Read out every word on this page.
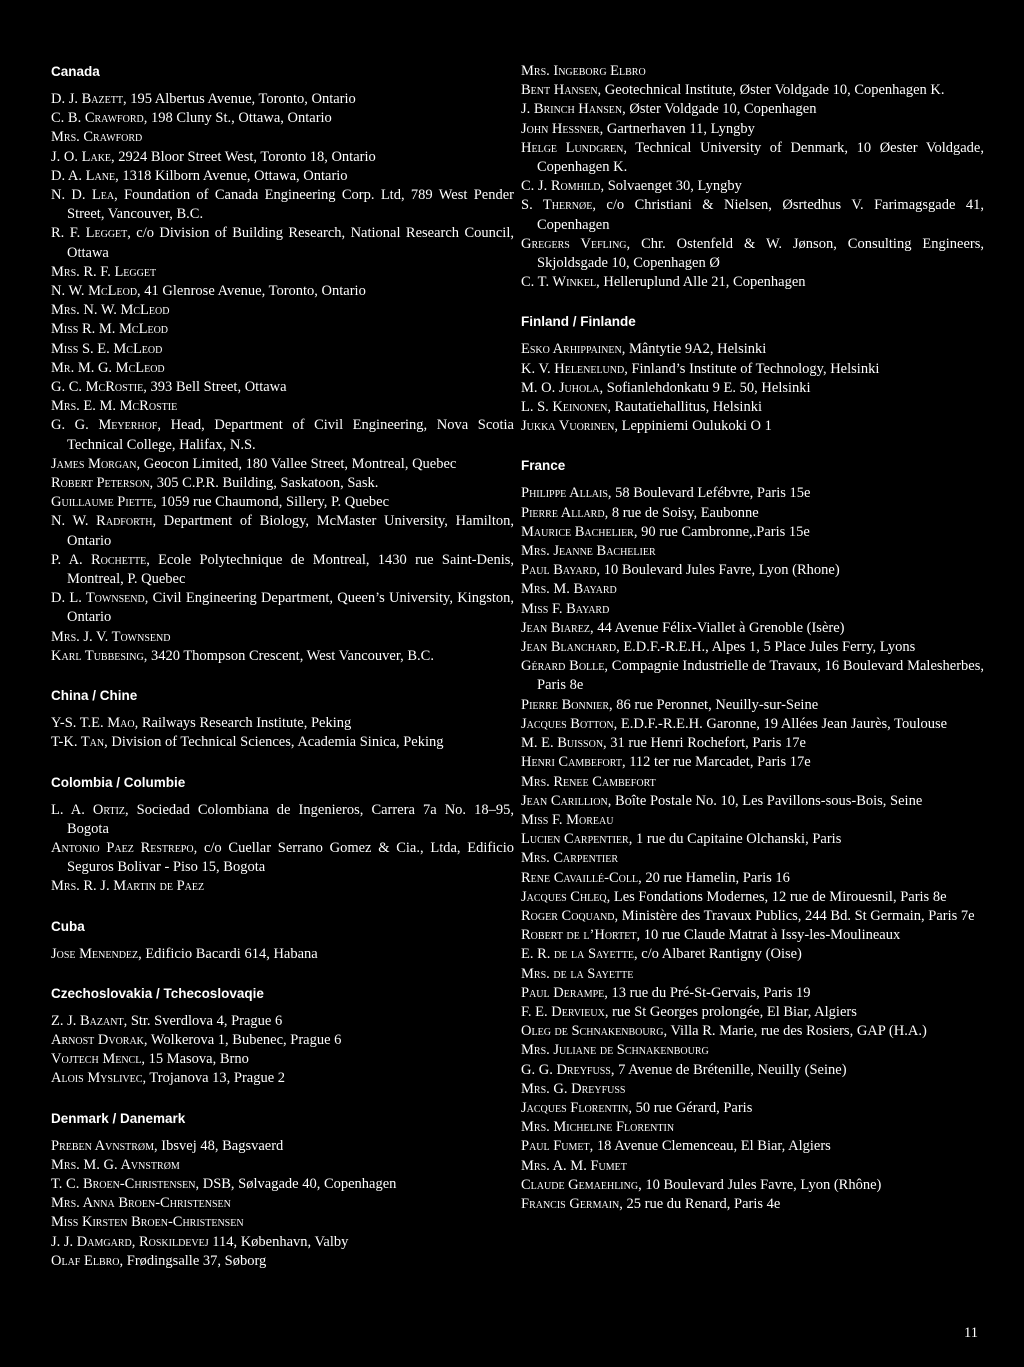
Canada
D. J. Bazett, 195 Albertus Avenue, Toronto, Ontario
C. B. Crawford, 198 Cluny St., Ottawa, Ontario
Mrs. Crawford
J. O. Lake, 2924 Bloor Street West, Toronto 18, Ontario
D. A. Lane, 1318 Kilborn Avenue, Ottawa, Ontario
N. D. Lea, Foundation of Canada Engineering Corp. Ltd, 789 West Pender Street, Vancouver, B.C.
R. F. Legget, c/o Division of Building Research, National Research Council, Ottawa
Mrs. R. F. Legget
N. W. McLeod, 41 Glenrose Avenue, Toronto, Ontario
Mrs. N. W. McLeod
Miss R. M. McLeod
Miss S. E. McLeod
Mr. M. G. McLeod
G. C. McRostie, 393 Bell Street, Ottawa
Mrs. E. M. McRostie
G. G. Meyerhof, Head, Department of Civil Engineering, Nova Scotia Technical College, Halifax, N.S.
James Morgan, Geocon Limited, 180 Vallee Street, Montreal, Quebec
Robert Peterson, 305 C.P.R. Building, Saskatoon, Sask.
Guillaume Piette, 1059 rue Chaumond, Sillery, P. Quebec
N. W. Radforth, Department of Biology, McMaster University, Hamilton, Ontario
P. A. Rochette, Ecole Polytechnique de Montreal, 1430 rue Saint-Denis, Montreal, P. Quebec
D. L. Townsend, Civil Engineering Department, Queen’s University, Kingston, Ontario
Mrs. J. V. Townsend
Karl Tubbesing, 3420 Thompson Crescent, West Vancouver, B.C.
China / Chine
Y-S. T.E. Mao, Railways Research Institute, Peking
T-K. Tan, Division of Technical Sciences, Academia Sinica, Peking
Colombia / Columbie
L. A. Ortiz, Sociedad Colombiana de Ingenieros, Carrera 7a No. 18–95, Bogota
Antonio Paez Restrepo, c/o Cuellar Serrano Gomez & Cia., Ltda, Edificio Seguros Bolivar - Piso 15, Bogota
Mrs. R. J. Martin de Paez
Cuba
Jose Menendez, Edificio Bacardi 614, Habana
Czechoslovakia / Tchecoslovaqie
Z. J. Bazant, Str. Sverdlova 4, Prague 6
Arnost Dvorak, Wolkerova 1, Bubenec, Prague 6
Vojtech Mencl, 15 Masova, Brno
Alois Myslivec, Trojanova 13, Prague 2
Denmark / Danemark
Preben Avnstrøm, Ibsvej 48, Bagsvaerd
Mrs. M. G. Avnstrøm
T. C. Broen-Christensen, DSB, Sølvagade 40, Copenhagen
Mrs. Anna Broen-Christensen
Miss Kirsten Broen-Christensen
J. J. Damgard, Roskildevej 114, København, Valby
Olaf Elbro, Frødingsalle 37, Søborg
Mrs. Ingeborg Elbro
Bent Hansen, Geotechnical Institute, Øster Voldgade 10, Copenhagen K.
J. Brinch Hansen, Øster Voldgade 10, Copenhagen
John Hessner, Gartnerhaven 11, Lyngby
Helge Lundgren, Technical University of Denmark, 10 Øester Voldgade, Copenhagen K.
C. J. Romhild, Solvaenget 30, Lyngby
S. Thernøe, c/o Christiani & Nielsen, Øsrtedhus V. Farimagsgade 41, Copenhagen
Gregers Vefling, Chr. Ostenfeld & W. Jønson, Consulting Engineers, Skjoldsgade 10, Copenhagen Ø
C. T. Winkel, Helleruplund Alle 21, Copenhagen
Finland / Finlande
Esko Arhippainen, Mântytie 9A2, Helsinki
K. V. Helenelund, Finland’s Institute of Technology, Helsinki
M. O. Juhola, Sofianlehdonkatu 9 E. 50, Helsinki
L. S. Keinonen, Rautatiehallitus, Helsinki
Jukka Vuorinen, Leppiniemi Oulukoki O 1
France
Philippe Allais, 58 Boulevard Lefébvre, Paris 15e
Pierre Allard, 8 rue de Soisy, Eaubonne
Maurice Bachelier, 90 rue Cambronne,.Paris 15e
Mrs. Jeanne Bachelier
Paul Bayard, 10 Boulevard Jules Favre, Lyon (Rhone)
Mrs. M. Bayard
Miss F. Bayard
Jean Biarez, 44 Avenue Félix-Viallet à Grenoble (Isère)
Jean Blanchard, E.D.F.-R.E.H., Alpes 1, 5 Place Jules Ferry, Lyons
Gérard Bolle, Compagnie Industrielle de Travaux, 16 Boulevard Malesherbes, Paris 8e
Pierre Bonnier, 86 rue Peronnet, Neuilly-sur-Seine
Jacques Botton, E.D.F.-R.E.H. Garonne, 19 Allées Jean Jaurès, Toulouse
M. E. Buisson, 31 rue Henri Rochefort, Paris 17e
Henri Cambefort, 112 ter rue Marcadet, Paris 17e
Mrs. Renee Cambefort
Jean Carillion, Boîte Postale No. 10, Les Pavillons-sous-Bois, Seine
Miss F. Moreau
Lucien Carpentier, 1 rue du Capitaine Olchanski, Paris
Mrs. Carpentier
Rene Cavaillé-Coll, 20 rue Hamelin, Paris 16
Jacques Chleq, Les Fondations Modernes, 12 rue de Mirouesnil, Paris 8e
Roger Coquand, Ministère des Travaux Publics, 244 Bd. St Germain, Paris 7e
Robert de l’Hortet, 10 rue Claude Matrat à Issy-les-Moulineaux
E. R. de la Sayette, c/o Albaret Rantigny (Oise)
Mrs. de la Sayette
Paul Derampe, 13 rue du Pré-St-Gervais, Paris 19
F. E. Dervieux, rue St Georges prolongée, El Biar, Algiers
Oleg de Schnakenbourg, Villa R. Marie, rue des Rosiers, GAP (H.A.)
Mrs. Juliane de Schnakenbourg
G. G. Dreyfuss, 7 Avenue de Brétenille, Neuilly (Seine)
Mrs. G. Dreyfuss
Jacques Florentin, 50 rue Gérard, Paris
Mrs. Micheline Florentin
Paul Fumet, 18 Avenue Clemenceau, El Biar, Algiers
Mrs. A. M. Fumet
Claude Gemaehling, 10 Boulevard Jules Favre, Lyon (Rhône)
Francis Germain, 25 rue du Renard, Paris 4e
11
